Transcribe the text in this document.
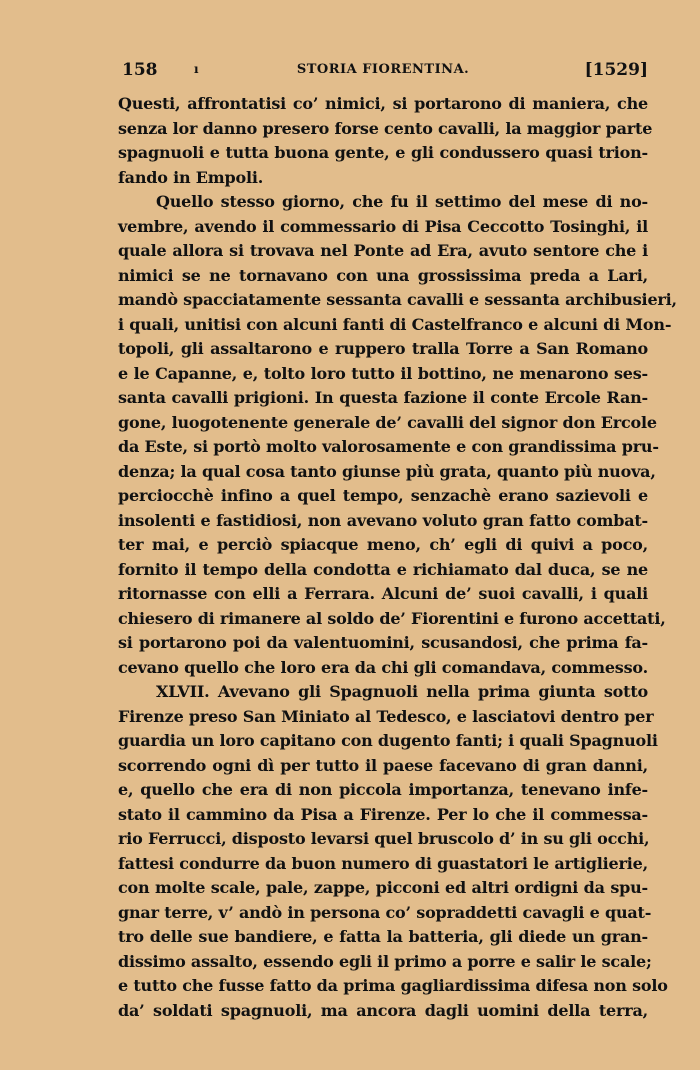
158	ı	STORIA FIORENTINA.	[1529]
Questi, affrontatisi co’ nimici, si portarono di maniera, che
senza lor danno presero forse cento cavalli, la maggior parte
spagnuoli e tutta buona gente, e gli condussero quasi trion-
fando in Empoli.
Quello stesso giorno, che fu il settimo del mese di no-
vembre, avendo il commessario di Pisa Ceccotto Tosinghi, il
quale allora si trovava nel Ponte ad Era, avuto sentore che i
nimici se ne tornavano con una grossissima preda a Lari,
mandò spacciatamente sessanta cavalli e sessanta archibusieri,
i quali, unitisi con alcuni fanti di Castelfranco e alcuni di Mon-
topoli, gli assaltarono e ruppero tralla Torre a San Romano
e le Capanne, e, tolto loro tutto il bottino, ne menarono ses-
santa cavalli prigioni. In questa fazione il conte Ercole Ran-
gone, luogotenente generale de’ cavalli del signor don Ercole
da Este, si portò molto valorosamente e con grandissima pru-
denza; la qual cosa tanto giunse più grata, quanto più nuova,
perciocchè infino a quel tempo, senzachè erano sazievoli e
insolenti e fastidiosi, non avevano voluto gran fatto combat-
ter mai, e perciò spiacque meno, ch’ egli di quivi a poco,
fornito il tempo della condotta e richiamato dal duca, se ne
ritornasse con elli a Ferrara. Alcuni de’ suoi cavalli, i quali
chiesero di rimanere al soldo de’ Fiorentini e furono accettati,
si portarono poi da valentuomini, scusandosi, che prima fa-
cevano quello che loro era da chi gli comandava, commesso.
XLVII. Avevano gli Spagnuoli nella prima giunta sotto
Firenze preso San Miniato al Tedesco, e lasciatovi dentro per
guardia un loro capitano con dugento fanti; i quali Spagnuoli
scorrendo ogni dì per tutto il paese facevano di gran danni,
e, quello che era di non piccola importanza, tenevano infe-
stato il cammino da Pisa a Firenze. Per lo che il commessa-
rio Ferrucci, disposto levarsi quel bruscolo d’ in su gli occhi,
fattesi condurre da buon numero di guastatori le artiglierie,
con molte scale, pale, zappe, picconi ed altri ordigni da spu-
gnar terre, v’ andò in persona co’ sopraddetti cavagli e quat-
tro delle sue bandiere, e fatta la batteria, gli diede un gran-
dissimo assalto, essendo egli il primo a porre e salir le scale;
e tutto che fusse fatto da prima gagliardissima difesa non solo
da’ soldati spagnuoli, ma ancora dagli uomini della terra,
